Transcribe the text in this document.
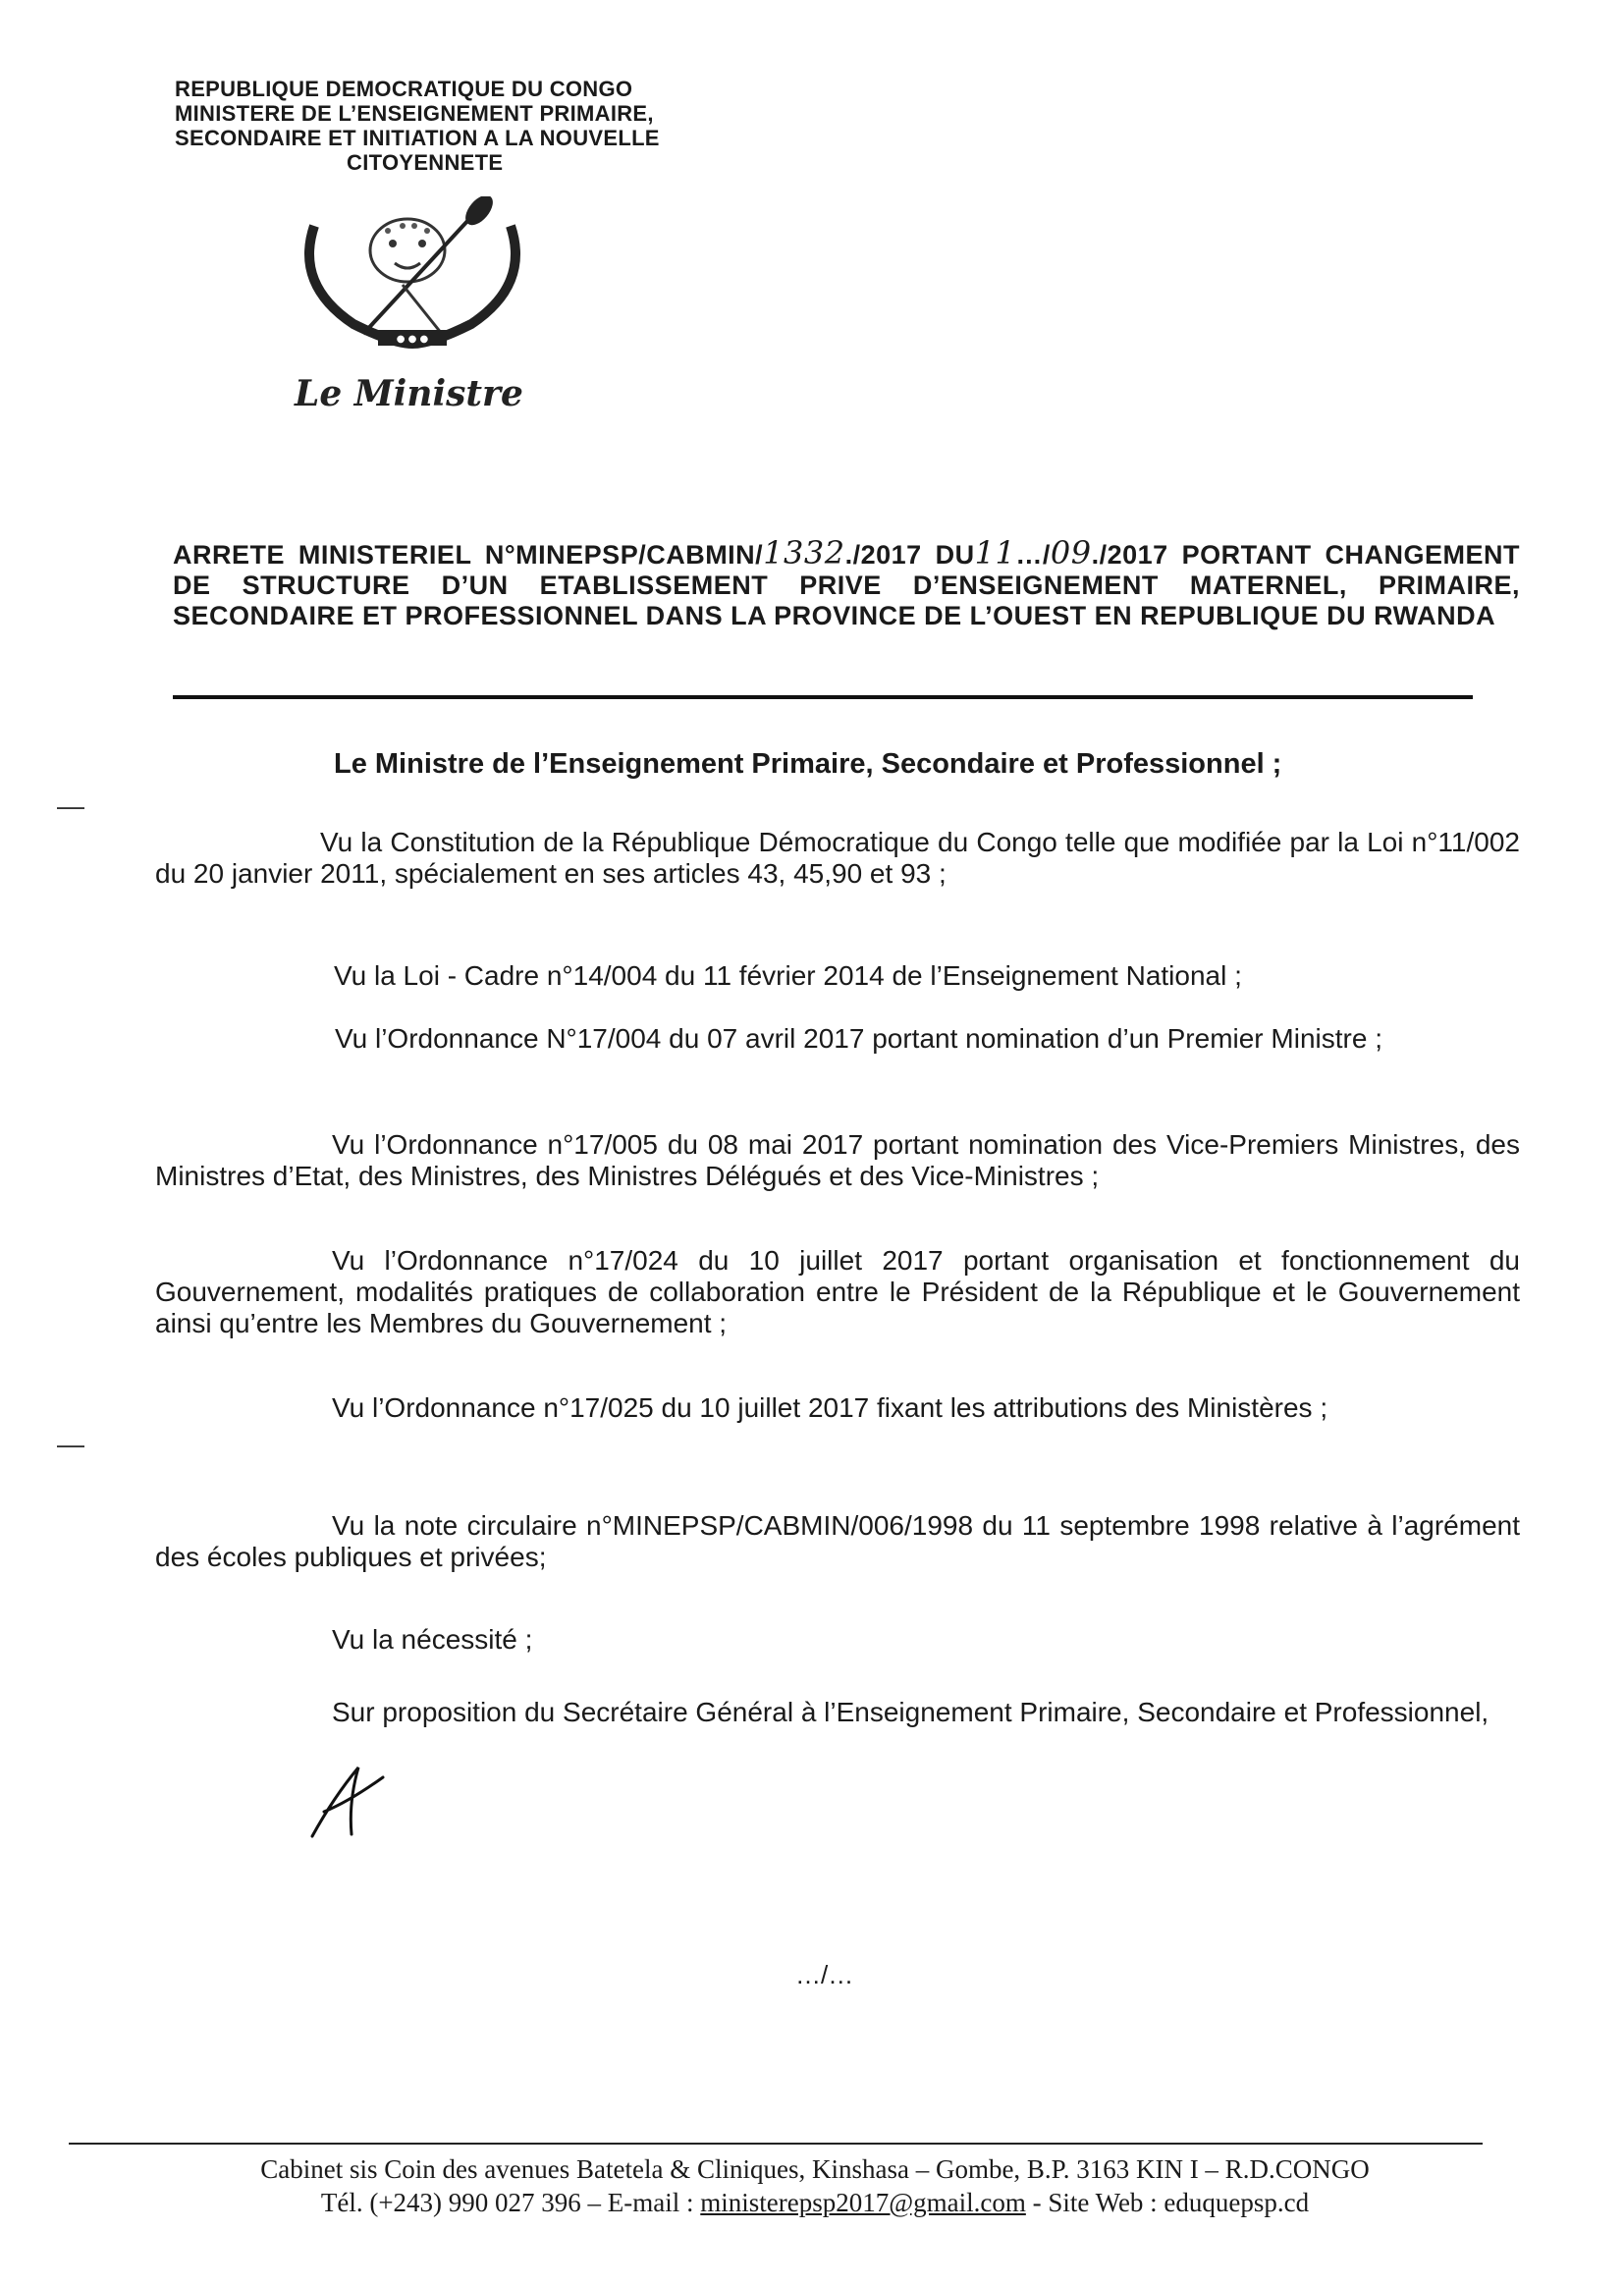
REPUBLIQUE DEMOCRATIQUE DU CONGO
MINISTERE DE L’ENSEIGNEMENT PRIMAIRE,
SECONDAIRE ET INITIATION A LA NOUVELLE
CITOYENNETE
● ● ●
Le Ministre
ARRETE MINISTERIEL N°MINEPSP/CABMIN/1332./2017 DU11…/09./2017 PORTANT CHANGEMENT DE STRUCTURE D’UN ETABLISSEMENT PRIVE D’ENSEIGNEMENT MATERNEL, PRIMAIRE, SECONDAIRE ET PROFESSIONNEL DANS LA PROVINCE DE L’OUEST EN REPUBLIQUE DU RWANDA
Le Ministre de l’Enseignement Primaire, Secondaire et Professionnel ;
—
—
Vu la Constitution de la République Démocratique du Congo telle que modifiée par la Loi n°11/002 du 20 janvier 2011, spécialement en ses articles 43, 45,90 et 93 ;
Vu la Loi - Cadre n°14/004 du 11 février 2014 de l’Enseignement National ;
Vu l’Ordonnance N°17/004 du 07 avril 2017 portant nomination d’un Premier Ministre ;
Vu l’Ordonnance n°17/005 du 08 mai 2017 portant nomination des Vice-Premiers Ministres, des Ministres d’Etat, des Ministres, des Ministres Délégués et des Vice-Ministres ;
Vu l’Ordonnance n°17/024 du 10 juillet 2017 portant organisation et fonctionnement du Gouvernement, modalités pratiques de collaboration entre le Président de la République et le Gouvernement ainsi qu’entre les Membres du Gouvernement ;
Vu l’Ordonnance n°17/025 du 10 juillet 2017 fixant les attributions des Ministères ;
Vu la note circulaire n°MINEPSP/CABMIN/006/1998 du 11 septembre 1998 relative à l’agrément des écoles publiques et privées;
Vu la nécessité ;
Sur proposition du Secrétaire Général à l’Enseignement Primaire, Secondaire et Professionnel,
…/…
Cabinet sis Coin des avenues Batetela & Cliniques, Kinshasa – Gombe, B.P. 3163 KIN I – R.D.CONGO
Tél. (+243) 990 027 396 – E-mail : ministerepsp2017@gmail.com - Site Web : eduquepsp.cd
